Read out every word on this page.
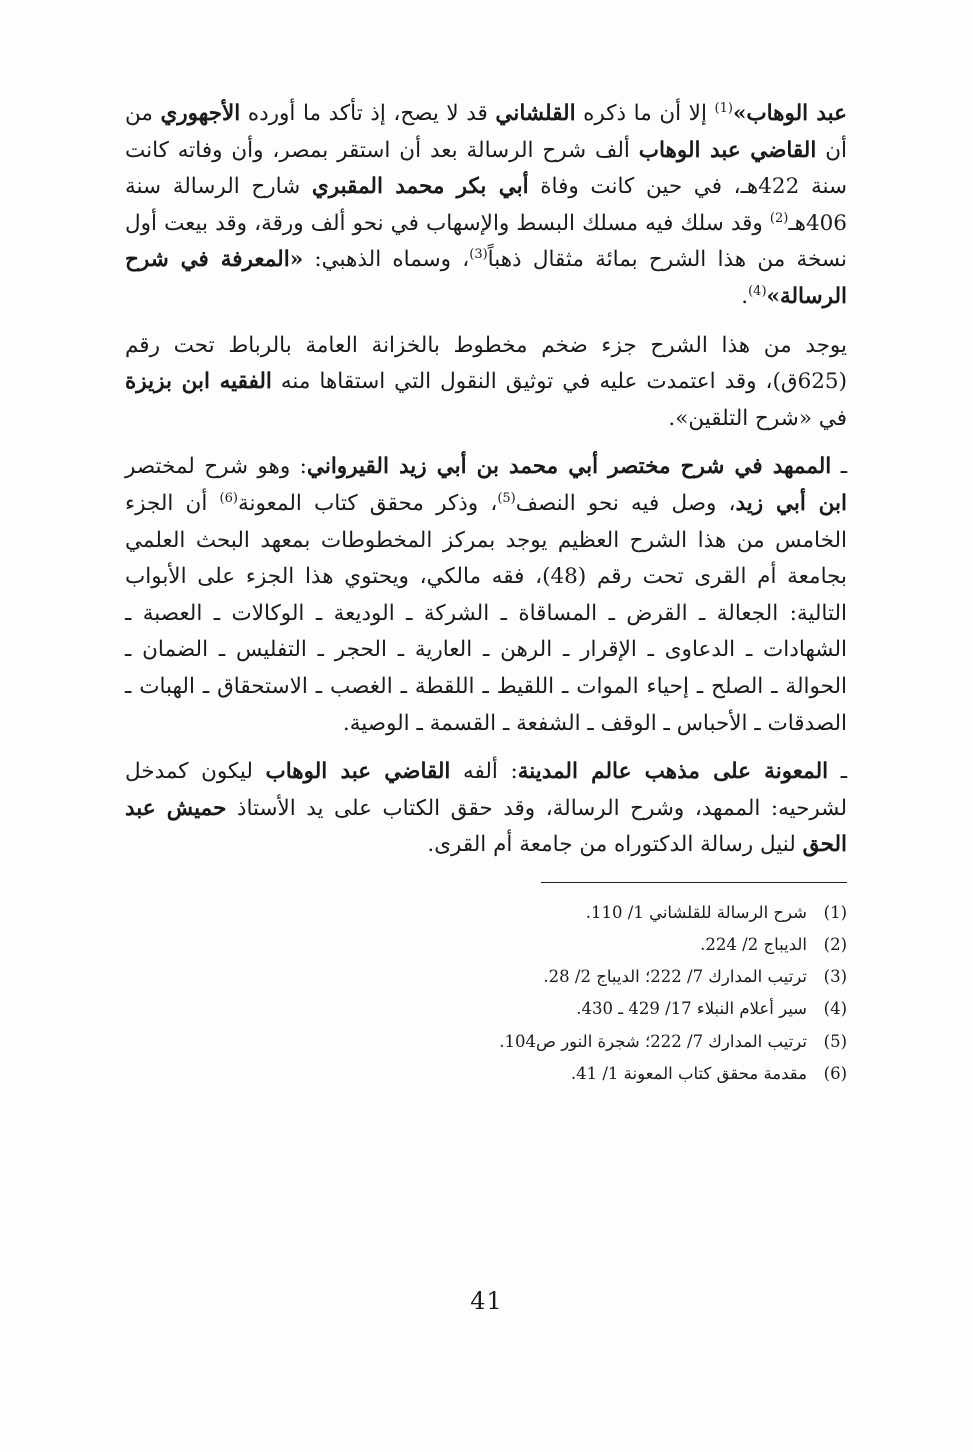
عبد الوهاب»$^{(1)}$ إلا أن ما ذكره القلشاني قد لا يصح، إذ تأكد ما أورده الأجهوري من أن القاضي عبد الوهاب ألف شرح الرسالة بعد أن استقر بمصر، وأن وفاته كانت سنة 422هـ، في حين كانت وفاة أبي بكر محمد المقبري شارح الرسالة سنة 406هـ$^{(2)}$ وقد سلك فيه مسلك البسط والإسهاب في نحو ألف ورقة، وقد بيعت أول نسخة من هذا الشرح بمائة مثقال ذهباً$^{(3)}$، وسماه الذهبي: «المعرفة في شرح الرسالة»$^{(4)}$.

يوجد من هذا الشرح جزء ضخم مخطوط بالخزانة العامة بالرباط تحت رقم (625ق)، وقد اعتمدت عليه في توثيق النقول التي استقاها منه الفقيه ابن بزيزة في «شرح التلقين».

ـ الممهد في شرح مختصر أبي محمد بن أبي زيد القيرواني: وهو شرح لمختصر ابن أبي زيد، وصل فيه نحو النصف$^{(5)}$، وذكر محقق كتاب المعونة$^{(6)}$ أن الجزء الخامس من هذا الشرح العظيم يوجد بمركز المخطوطات بمعهد البحث العلمي بجامعة أم القرى تحت رقم (48)، فقه مالكي، ويحتوي هذا الجزء على الأبواب التالية: الجعالة ـ القرض ـ المساقاة ـ الشركة ـ الوديعة ـ الوكالات ـ العصبة ـ الشهادات ـ الدعاوى ـ الإقرار ـ الرهن ـ العارية ـ الحجر ـ التفليس ـ الضمان ـ الحوالة ـ الصلح ـ إحياء الموات ـ اللقيط ـ اللقطة ـ الغصب ـ الاستحقاق ـ الهبات ـ الصدقات ـ الأحباس ـ الوقف ـ الشفعة ـ القسمة ـ الوصية.

ـ المعونة على مذهب عالم المدينة: ألفه القاضي عبد الوهاب ليكون كمدخل لشرحيه: الممهد، وشرح الرسالة، وقد حقق الكتاب على يد الأستاذ حميش عبد الحق لنيل رسالة الدكتوراه من جامعة أم القرى.

(1)
شرح الرسالة للقلشاني 1/ 110.
(2)
الديباج 2/ 224.
(3)
ترتيب المدارك 7/ 222؛ الديباج 2/ 28.
(4)
سير أعلام النبلاء 17/ 429 ـ 430.
(5)
ترتيب المدارك 7/ 222؛ شجرة النور ص104.
(6)
مقدمة محقق كتاب المعونة 1/ 41.
41
